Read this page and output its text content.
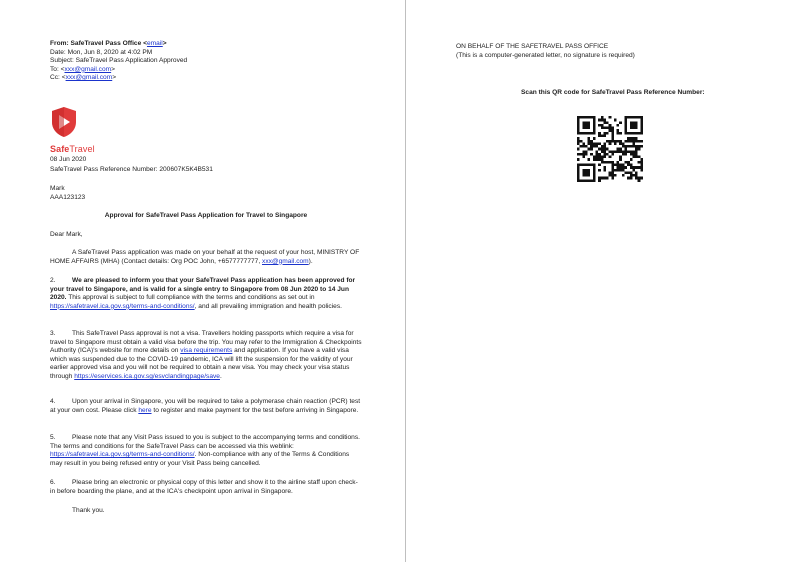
From: SafeTravel Pass Office <email>
Date: Mon, Jun 8, 2020 at 4:02 PM
Subject: SafeTravel Pass Application Approved
To: <xxx@gmail.com>
Cc: <xxx@gmail.com>
SafeTravel
08 Jun 2020
SafeTravel Pass Reference Number: 200607K5K4B531
Mark
AAA123123
Approval for SafeTravel Pass Application for Travel to Singapore
Dear Mark,
A SafeTravel Pass application was made on your behalf at the request of your host, MINISTRY OF HOME AFFAIRS (MHA) (Contact details: Org POC John, +6577777777, xxx@gmail.com).
2.	We are pleased to inform you that your SafeTravel Pass application has been approved for your travel to Singapore, and is valid for a single entry to Singapore from 08 Jun 2020 to 14 Jun 2020. This approval is subject to full compliance with the terms and conditions as set out in https://safetravel.ica.gov.sg/terms-and-conditions/, and all prevailing immigration and health policies.
3.	This SafeTravel Pass approval is not a visa. Travellers holding passports which require a visa for travel to Singapore must obtain a valid visa before the trip. You may refer to the Immigration & Checkpoints Authority (ICA)'s website for more details on visa requirements and application. If you have a valid visa which was suspended due to the COVID-19 pandemic, ICA will lift the suspension for the validity of your earlier approved visa and you will not be required to obtain a new visa. You may check your visa status through https://eservices.ica.gov.sg/esvclandingpage/save.
4.	Upon your arrival in Singapore, you will be required to take a polymerase chain reaction (PCR) test at your own cost. Please click here to register and make payment for the test before arriving in Singapore.
5.	Please note that any Visit Pass issued to you is subject to the accompanying terms and conditions. The terms and conditions for the SafeTravel Pass can be accessed via this weblink: https://safetravel.ica.gov.sg/terms-and-conditions/. Non-compliance with any of the Terms & Conditions may result in you being refused entry or your Visit Pass being cancelled.
6.	Please bring an electronic or physical copy of this letter and show it to the airline staff upon check-in before boarding the plane, and at the ICA's checkpoint upon arrival in Singapore.
Thank you.
ON BEHALF OF THE SAFETRAVEL PASS OFFICE
(This is a computer-generated letter, no signature is required)
Scan this QR code for SafeTravel Pass Reference Number:
